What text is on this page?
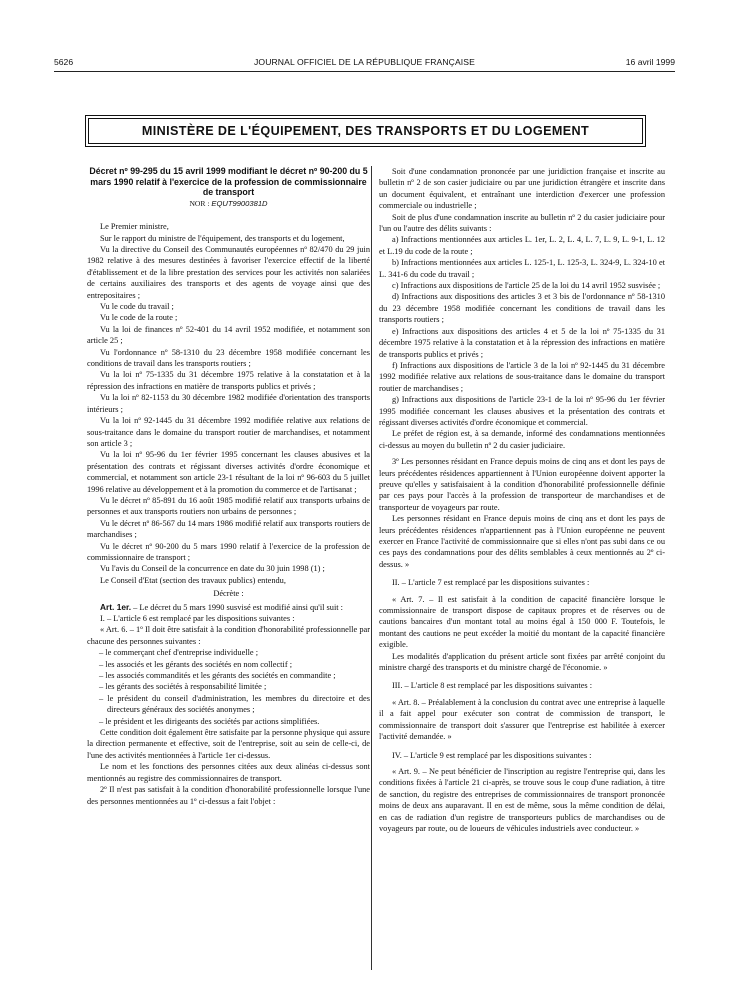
5626	JOURNAL OFFICIEL DE LA RÉPUBLIQUE FRANÇAISE	16 avril 1999
MINISTÈRE DE L'ÉQUIPEMENT, DES TRANSPORTS ET DU LOGEMENT

Décret nº 99-295 du 15 avril 1999 modifiant le décret nº 90-200 du 5 mars 1990 relatif à l'exercice de la profession de commissionnaire de transport

NOR : EQUT9900381D

Le Premier ministre,

Sur le rapport du ministre de l'équipement, des transports et du logement,

Vu la directive du Conseil des Communautés européennes nº 82/470 du 29 juin 1982 relative à des mesures destinées à favoriser l'exercice effectif de la liberté d'établissement et de la libre prestation des services pour les activités non salariées de certains auxiliaires des transports et des agents de voyage ainsi que des entrepositaires ;

Vu le code du travail ;

Vu le code de la route ;

Vu la loi de finances nº 52-401 du 14 avril 1952 modifiée, et notamment son article 25 ;

Vu l'ordonnance nº 58-1310 du 23 décembre 1958 modifiée concernant les conditions de travail dans les transports routiers ;

Vu la loi nº 75-1335 du 31 décembre 1975 relative à la constatation et à la répression des infractions en matière de transports publics et privés ;

Vu la loi nº 82-1153 du 30 décembre 1982 modifiée d'orientation des transports intérieurs ;

Vu la loi nº 92-1445 du 31 décembre 1992 modifiée relative aux relations de sous-traitance dans le domaine du transport routier de marchandises, et notamment son article 3 ;

Vu la loi nº 95-96 du 1er février 1995 concernant les clauses abusives et la présentation des contrats et régissant diverses activités d'ordre économique et commercial, et notamment son article 23-1 résultant de la loi nº 96-603 du 5 juillet 1996 relative au développement et à la promotion du commerce et de l'artisanat ;

Vu le décret nº 85-891 du 16 août 1985 modifié relatif aux transports urbains de personnes et aux transports routiers non urbains de personnes ;

Vu le décret nº 86-567 du 14 mars 1986 modifié relatif aux transports routiers de marchandises ;

Vu le décret nº 90-200 du 5 mars 1990 relatif à l'exercice de la profession de commissionnaire de transport ;

Vu l'avis du Conseil de la concurrence en date du 30 juin 1998 (1) ;

Le Conseil d'Etat (section des travaux publics) entendu,

Décrète :

Art. 1er. – Le décret du 5 mars 1990 susvisé est modifié ainsi qu'il suit :

I. – L'article 6 est remplacé par les dispositions suivantes :

« Art. 6. – 1º Il doit être satisfait à la condition d'honorabilité professionnelle par chacune des personnes suivantes :

– le commerçant chef d'entreprise individuelle ;

– les associés et les gérants des sociétés en nom collectif ;

– les associés commandités et les gérants des sociétés en commandite ;

– les gérants des sociétés à responsabilité limitée ;

– le président du conseil d'administration, les membres du directoire et des directeurs généraux des sociétés anonymes ;

– le président et les dirigeants des sociétés par actions simplifiées.

Cette condition doit également être satisfaite par la personne physique qui assure la direction permanente et effective, soit de l'entreprise, soit au sein de celle-ci, de l'une des activités mentionnées à l'article 1er ci-dessus.

Le nom et les fonctions des personnes citées aux deux alinéas ci-dessus sont mentionnés au registre des commissionnaires de transport.

2º Il n'est pas satisfait à la condition d'honorabilité professionnelle lorsque l'une des personnes mentionnées au 1º ci-dessus a fait l'objet :

Soit d'une condamnation prononcée par une juridiction française et inscrite au bulletin nº 2 de son casier judiciaire ou par une juridiction étrangère et inscrite dans un document équivalent, et entraînant une interdiction d'exercer une profession commerciale ou industrielle ;

Soit de plus d'une condamnation inscrite au bulletin nº 2 du casier judiciaire pour l'un ou l'autre des délits suivants :

a) Infractions mentionnées aux articles L. 1er, L. 2, L. 4, L. 7, L. 9, L. 9-1, L. 12 et L.19 du code de la route ;

b) Infractions mentionnées aux articles L. 125-1, L. 125-3, L. 324-9, L. 324-10 et L. 341-6 du code du travail ;

c) Infractions aux dispositions de l'article 25 de la loi du 14 avril 1952 susvisée ;

d) Infractions aux dispositions des articles 3 et 3 bis de l'ordonnance nº 58-1310 du 23 décembre 1958 modifiée concernant les conditions de travail dans les transports routiers ;

e) Infractions aux dispositions des articles 4 et 5 de la loi nº 75-1335 du 31 décembre 1975 relative à la constatation et à la répression des infractions en matière de transports publics et privés ;

f) Infractions aux dispositions de l'article 3 de la loi nº 92-1445 du 31 décembre 1992 modifiée relative aux relations de sous-traitance dans le domaine du transport routier de marchandises ;

g) Infractions aux dispositions de l'article 23-1 de la loi nº 95-96 du 1er février 1995 modifiée concernant les clauses abusives et la présentation des contrats et régissant diverses activités d'ordre économique et commercial.

Le préfet de région est, à sa demande, informé des condamnations mentionnées ci-dessus au moyen du bulletin nº 2 du casier judiciaire.

3º Les personnes résidant en France depuis moins de cinq ans et dont les pays de leurs précédentes résidences appartiennent à l'Union européenne doivent apporter la preuve qu'elles y satisfaisaient à la condition d'honorabilité professionnelle définie par ces pays pour l'accès à la profession de transporteur de marchandises et de transporteur de voyageurs par route.

Les personnes résidant en France depuis moins de cinq ans et dont les pays de leurs précédentes résidences n'appartiennent pas à l'Union européenne ne peuvent exercer en France l'activité de commissionnaire que si elles n'ont pas subi dans ce ou ces pays des condamnations pour des délits semblables à ceux mentionnés au 2º ci-dessus. »

II. – L'article 7 est remplacé par les dispositions suivantes :

« Art. 7. – Il est satisfait à la condition de capacité financière lorsque le commissionnaire de transport dispose de capitaux propres et de réserves ou de cautions bancaires d'un montant total au moins égal à 150 000 F. Toutefois, le montant des cautions ne peut excéder la moitié du montant de la capacité financière exigible.

Les modalités d'application du présent article sont fixées par arrêté conjoint du ministre chargé des transports et du ministre chargé de l'économie. »

III. – L'article 8 est remplacé par les dispositions suivantes :

« Art. 8. – Préalablement à la conclusion du contrat avec une entreprise à laquelle il a fait appel pour exécuter son contrat de commission de transport, le commissionnaire de transport doit s'assurer que l'entreprise est habilitée à exercer l'activité demandée. »

IV. – L'article 9 est remplacé par les dispositions suivantes :

« Art. 9. – Ne peut bénéficier de l'inscription au registre l'entreprise qui, dans les conditions fixées à l'article 21 ci-après, se trouve sous le coup d'une radiation, à titre de sanction, du registre des entreprises de commissionnaires de transport prononcée moins de deux ans auparavant. Il en est de même, sous la même condition de délai, en cas de radiation d'un registre de transporteurs publics de marchandises ou de voyageurs par route, ou de loueurs de véhicules industriels avec conducteur. »
